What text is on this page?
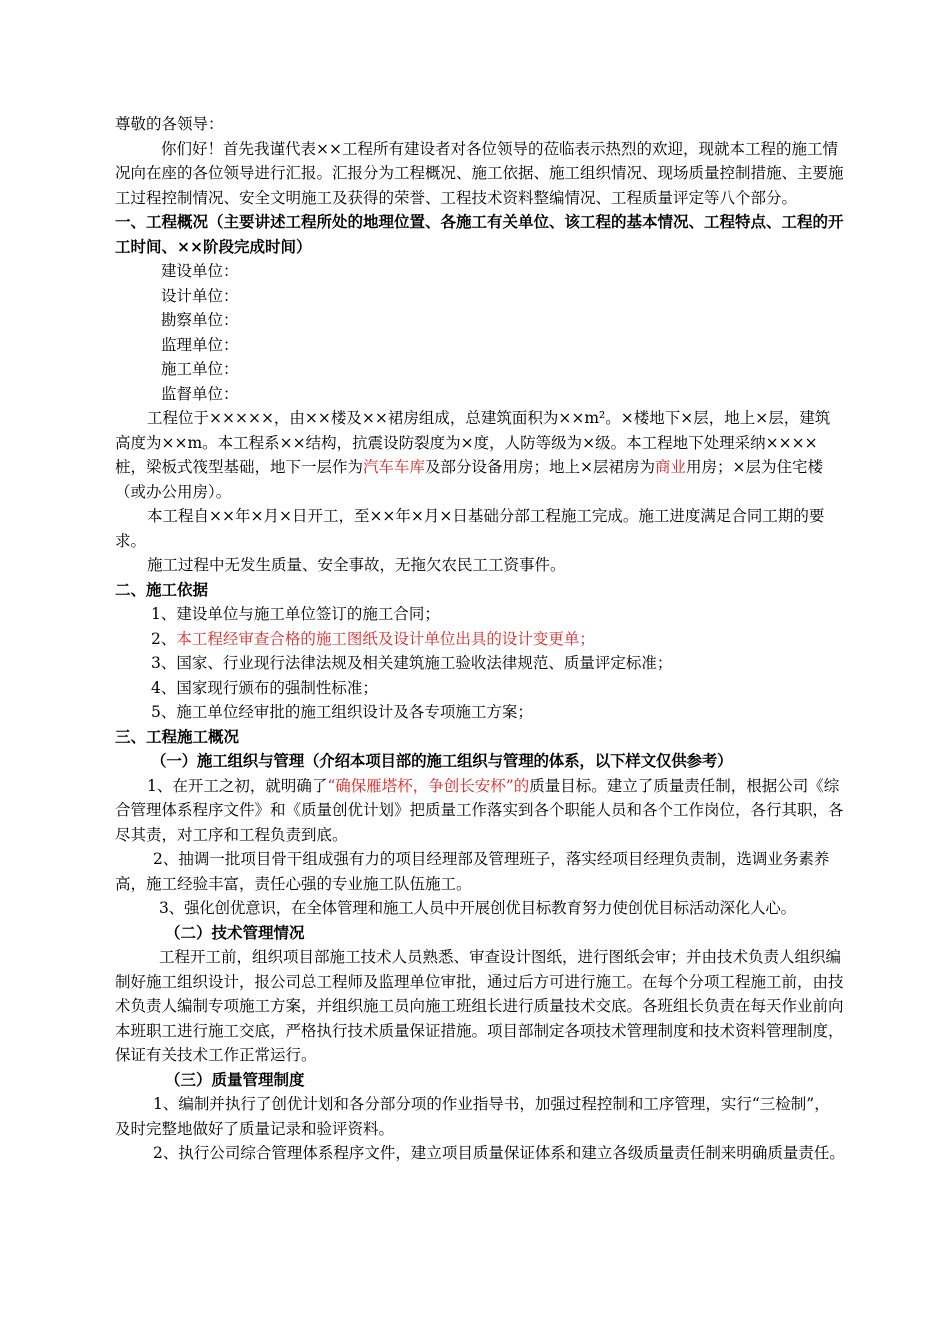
尊敬的各领导：

你们好！首先我谨代表××工程所有建设者对各位领导的莅临表示热烈的欢迎，现就本工程的施工情况向在座的各位领导进行汇报。汇报分为工程概况、施工依据、施工组织情况、现场质量控制措施、主要施工过程控制情况、安全文明施工及获得的荣誉、工程技术资料整编情况、工程质量评定等八个部分。

一、工程概况（主要讲述工程所处的地理位置、各施工有关单位、该工程的基本情况、工程特点、工程的开工时间、××阶段完成时间）

建设单位：

设计单位：

勘察单位：

监理单位：

施工单位：

监督单位：

工程位于×××××，由××楼及××裙房组成，总建筑面积为××m²。×楼地下×层，地上×层，建筑高度为××m。本工程系××结构，抗震设防裂度为×度，人防等级为×级。本工程地下处理采纳××××桩，梁板式筏型基础，地下一层作为汽车车库及部分设备用房；地上×层裙房为商业用房；×层为住宅楼（或办公用房）。

本工程自××年×月×日开工，至××年×月×日基础分部工程施工完成。施工进度满足合同工期的要求。

施工过程中无发生质量、安全事故，无拖欠农民工工资事件。

二、施工依据

1、建设单位与施工单位签订的施工合同；

2、本工程经审查合格的施工图纸及设计单位出具的设计变更单；

3、国家、行业现行法律法规及相关建筑施工验收法律规范、质量评定标准；

4、国家现行颁布的强制性标准；

5、施工单位经审批的施工组织设计及各专项施工方案；

三、工程施工概况

（一）施工组织与管理（介绍本项目部的施工组织与管理的体系，以下样文仅供参考）

1、在开工之初，就明确了“确保雁塔杯，争创长安杯”的质量目标。建立了质量责任制，根据公司《综合管理体系程序文件》和《质量创优计划》把质量工作落实到各个职能人员和各个工作岗位，各行其职，各尽其责，对工序和工程负责到底。

2、抽调一批项目骨干组成强有力的项目经理部及管理班子，落实经项目经理负责制，选调业务素养高，施工经验丰富，责任心强的专业施工队伍施工。

3、强化创优意识，在全体管理和施工人员中开展创优目标教育努力使创优目标活动深化人心。

（二）技术管理情况

工程开工前，组织项目部施工技术人员熟悉、审查设计图纸，进行图纸会审；并由技术负责人组织编制好施工组织设计，报公司总工程师及监理单位审批，通过后方可进行施工。在每个分项工程施工前，由技术负责人编制专项施工方案，并组织施工员向施工班组长进行质量技术交底。各班组长负责在每天作业前向本班职工进行施工交底，严格执行技术质量保证措施。项目部制定各项技术管理制度和技术资料管理制度，保证有关技术工作正常运行。

（三）质量管理制度

1、编制并执行了创优计划和各分部分项的作业指导书，加强过程控制和工序管理，实行“三检制”，及时完整地做好了质量记录和验评资料。

2、执行公司综合管理体系程序文件，建立项目质量保证体系和建立各级质量责任制来明确质量责任。
